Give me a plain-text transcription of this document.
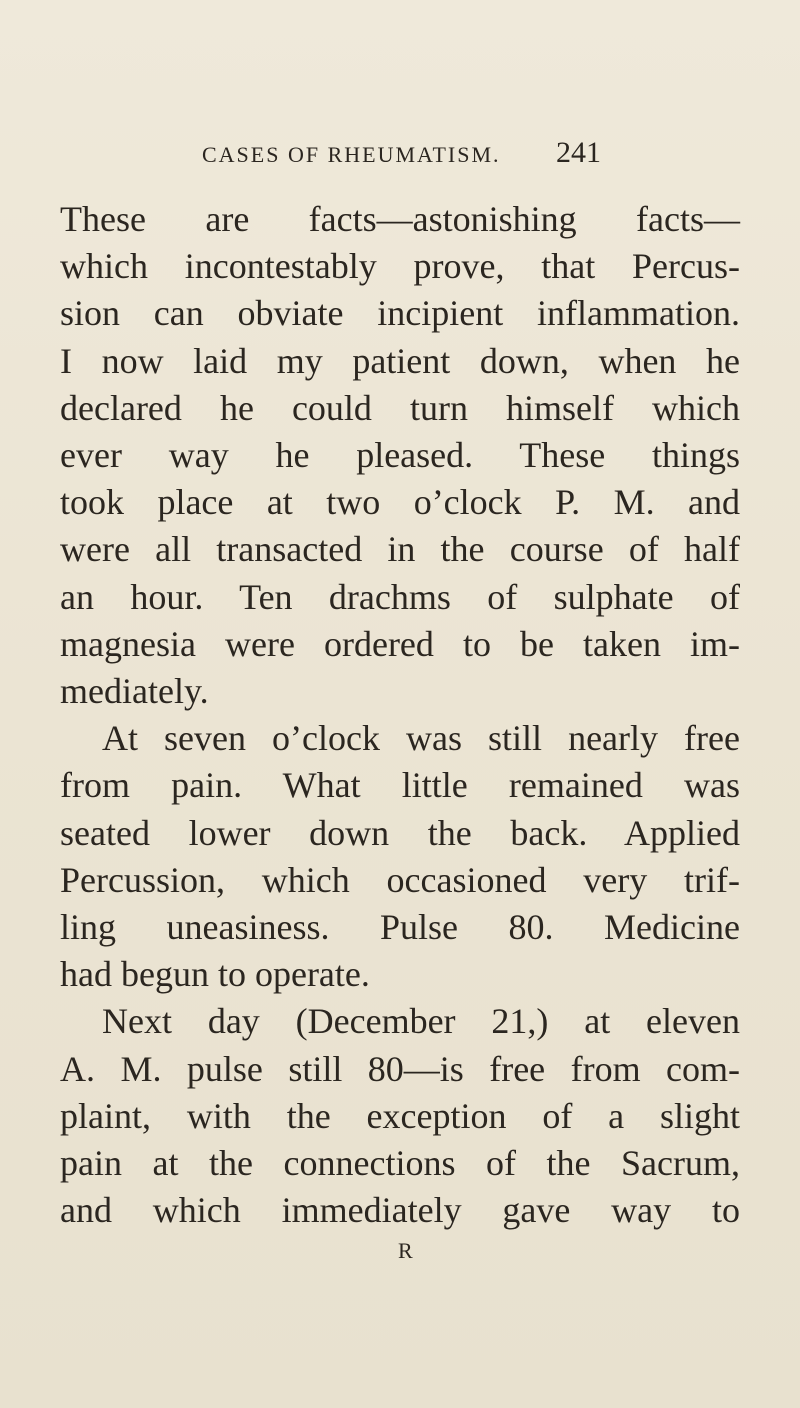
CASES OF RHEUMATISM. 241
These are facts—astonishing facts—
which incontestably prove, that Percus-
sion can obviate incipient inflammation.
I now laid my patient down, when he
declared he could turn himself which
ever way he pleased. These things
took place at two o’clock P. M. and
were all transacted in the course of half
an hour. Ten drachms of sulphate of
magnesia were ordered to be taken im-
mediately.
At seven o’clock was still nearly free
from pain. What little remained was
seated lower down the back. Applied
Percussion, which occasioned very trif-
ling uneasiness. Pulse 80. Medicine
had begun to operate.
Next day (December 21,) at eleven
A. M. pulse still 80—is free from com-
plaint, with the exception of a slight
pain at the connections of the Sacrum,
and which immediately gave way to
R
